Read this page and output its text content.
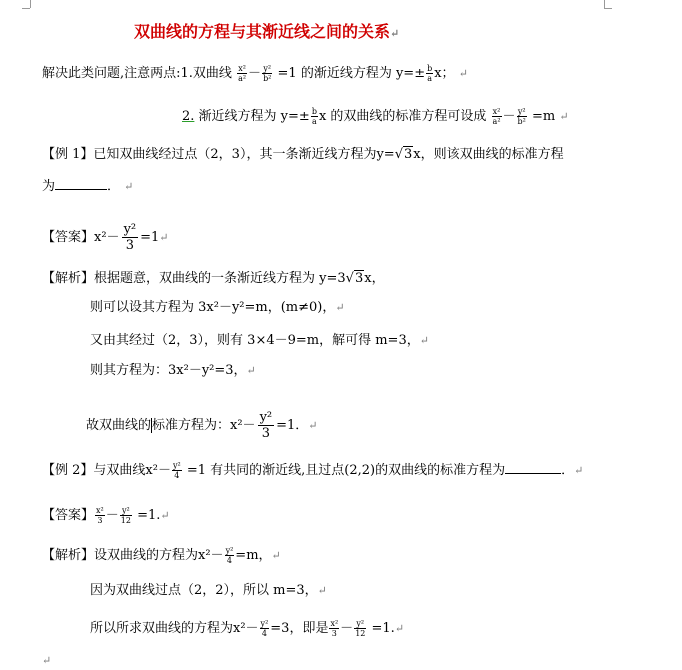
双曲线的方程与其渐近线之间的关系↵
解决此类问题,注意两点:1.双曲线 $\frac{\text{x²}}{\text{a²}} - \frac{\text{y²}}{\text{b²}} =1$ 的渐近线方程为 $y=\pm \frac{b}{a}$ x； ↵
2. 渐近线方程为 $y=\pm \frac{b}{a}$ x 的双曲线的标准方程可设成 $\frac{\text{x²}}{\text{a²}} - \frac{\text{y²}}{\text{b²}} =m$ ↵
【例 1】已知双曲线经过点（2，3），其一条渐近线方程为y=√3x，则该双曲线的标准方程
为	． ↵
【答案】$x^2- \frac{\text{y²}}{3}$ =1↵
【解析】根据题意，双曲线的一条渐近线方程为 y=3√3x，
则可以设其方程为 3x²－y²=m，(m≠0)，↵
又由其经过（2，3），则有 3×4－9=m，解可得 m=3，↵
则其方程为：3x²－y²=3，↵
故双曲线的标准方程为：$x^2- \frac{\text{y²}}{3} =1$．↵
【例 2】与双曲线$x^2- \frac{\text{y²}}{4} =1$ 有共同的渐近线,且过点(2,2)的双曲线的标准方程为	．↵
【答案】 $\frac{\text{x²}}{3} - \frac{\text{y²}}{12}$ =1.↵
【解析】设双曲线的方程为$x^2- \frac{\text{y²}}{4} =m$，↵
因为双曲线过点（2，2），所以 m=3，↵
所以所求双曲线的方程为$x^2- \frac{\text{y²}}{4} =3$，即是 $\frac{\text{x²}}{3} - \frac{\text{y²}}{12}$ =1.↵
↵
